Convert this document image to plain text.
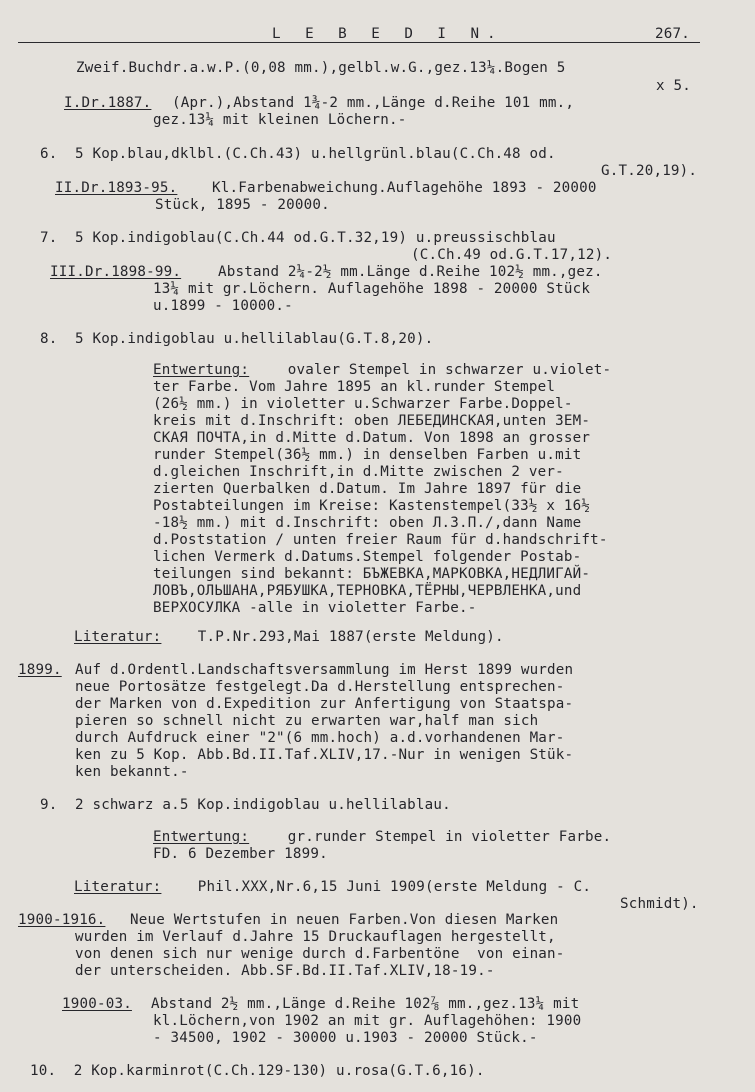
L E B E D I N.	267.
Zweif.Buchdr.a.w.P.(0,08 mm.),gelbl.w.G.,gez.13¼.Bogen 5
x 5.
I.Dr.1887. (Apr.),Abstand 1¾-2 mm.,Länge d.Reihe 101 mm.,
gez.13¼ mit kleinen Löchern.-
6.  5 Kop.blau,dklbl.(C.Ch.43) u.hellgrünl.blau(C.Ch.48 od.
G.T.20,19).
II.Dr.1893-95. Kl.Farbenabweichung.Auflagehöhe 1893 - 20000
Stück, 1895 - 20000.
7.  5 Kop.indigoblau(C.Ch.44 od.G.T.32,19) u.preussischblau
(C.Ch.49 od.G.T.17,12).
III.Dr.1898-99.	Abstand 2¼-2½ mm.Länge d.Reihe 102½ mm.,gez.
13¼ mit gr.Löchern. Auflagehöhe 1898 - 20000 Stück
u.1899 - 10000.-
8.  5 Kop.indigoblau u.hellilablau(G.T.8,20).
Entwertung: ovaler Stempel in schwarzer u.violet-
ter Farbe. Vom Jahre 1895 an kl.runder Stempel
(26½ mm.) in violetter u.Schwarzer Farbe.Doppel-
kreis mit d.Inschrift: oben ЛЕБЕДИНСКАЯ,unten ЗЕМ-
СКАЯ ПОЧТА,in d.Mitte d.Datum. Von 1898 an grosser
runder Stempel(36½ mm.) in denselben Farben u.mit
d.gleichen Inschrift,in d.Mitte zwischen 2 ver-
zierten Querbalken d.Datum. Im Jahre 1897 für die
Postabteilungen im Kreise: Kastenstempel(33½ x 16½
-18½ mm.) mit d.Inschrift: oben Л.З.П./,dann Name
d.Poststation / unten freier Raum für d.handschrift-
lichen Vermerk d.Datums.Stempel folgender Postab-
teilungen sind bekannt: БЪЖЕВКА,МАРКОВКА,НЕДЛИГАЙ-
ЛОВЪ,ОЛЬШАНА,РЯБУШКА,ТЕРНОВКА,ТЁРНЫ,ЧЕРВЛЕНКА,und
ВЕРХОСУЛКА -alle in violetter Farbe.-
Literatur: T.P.Nr.293,Mai 1887(erste Meldung).
1899. Auf d.Ordentl.Landschaftsversammlung im Herst 1899 wurden
neue Portosätze festgelegt.Da d.Herstellung entsprechen-
der Marken von d.Expedition zur Anfertigung von Staatspa-
pieren so schnell nicht zu erwarten war,half man sich
durch Aufdruck einer "2"(6 mm.hoch) a.d.vorhandenen Mar-
ken zu 5 Kop. Abb.Bd.II.Taf.XLIV,17.-Nur in wenigen Stük-
ken bekannt.-
9.  2 schwarz a.5 Kop.indigoblau u.hellilablau.
Entwertung: gr.runder Stempel in violetter Farbe.
FD. 6 Dezember 1899.
Literatur: Phil.XXX,Nr.6,15 Juni 1909(erste Meldung - C.
Schmidt).
1900-1916. Neue Wertstufen in neuen Farben.Von diesen Marken
wurden im Verlauf d.Jahre 15 Druckauflagen hergestellt,
von denen sich nur wenige durch d.Farbentöne  von einan-
der unterscheiden. Abb.SF.Bd.II.Taf.XLIV,18-19.-
1900-03. Abstand 2½ mm.,Länge d.Reihe 102⅞ mm.,gez.13¼ mit
kl.Löchern,von 1902 an mit gr. Auflagehöhen: 1900
- 34500, 1902 - 30000 u.1903 - 20000 Stück.-
10.  2 Kop.karminrot(C.Ch.129-130) u.rosa(G.T.6,16).
